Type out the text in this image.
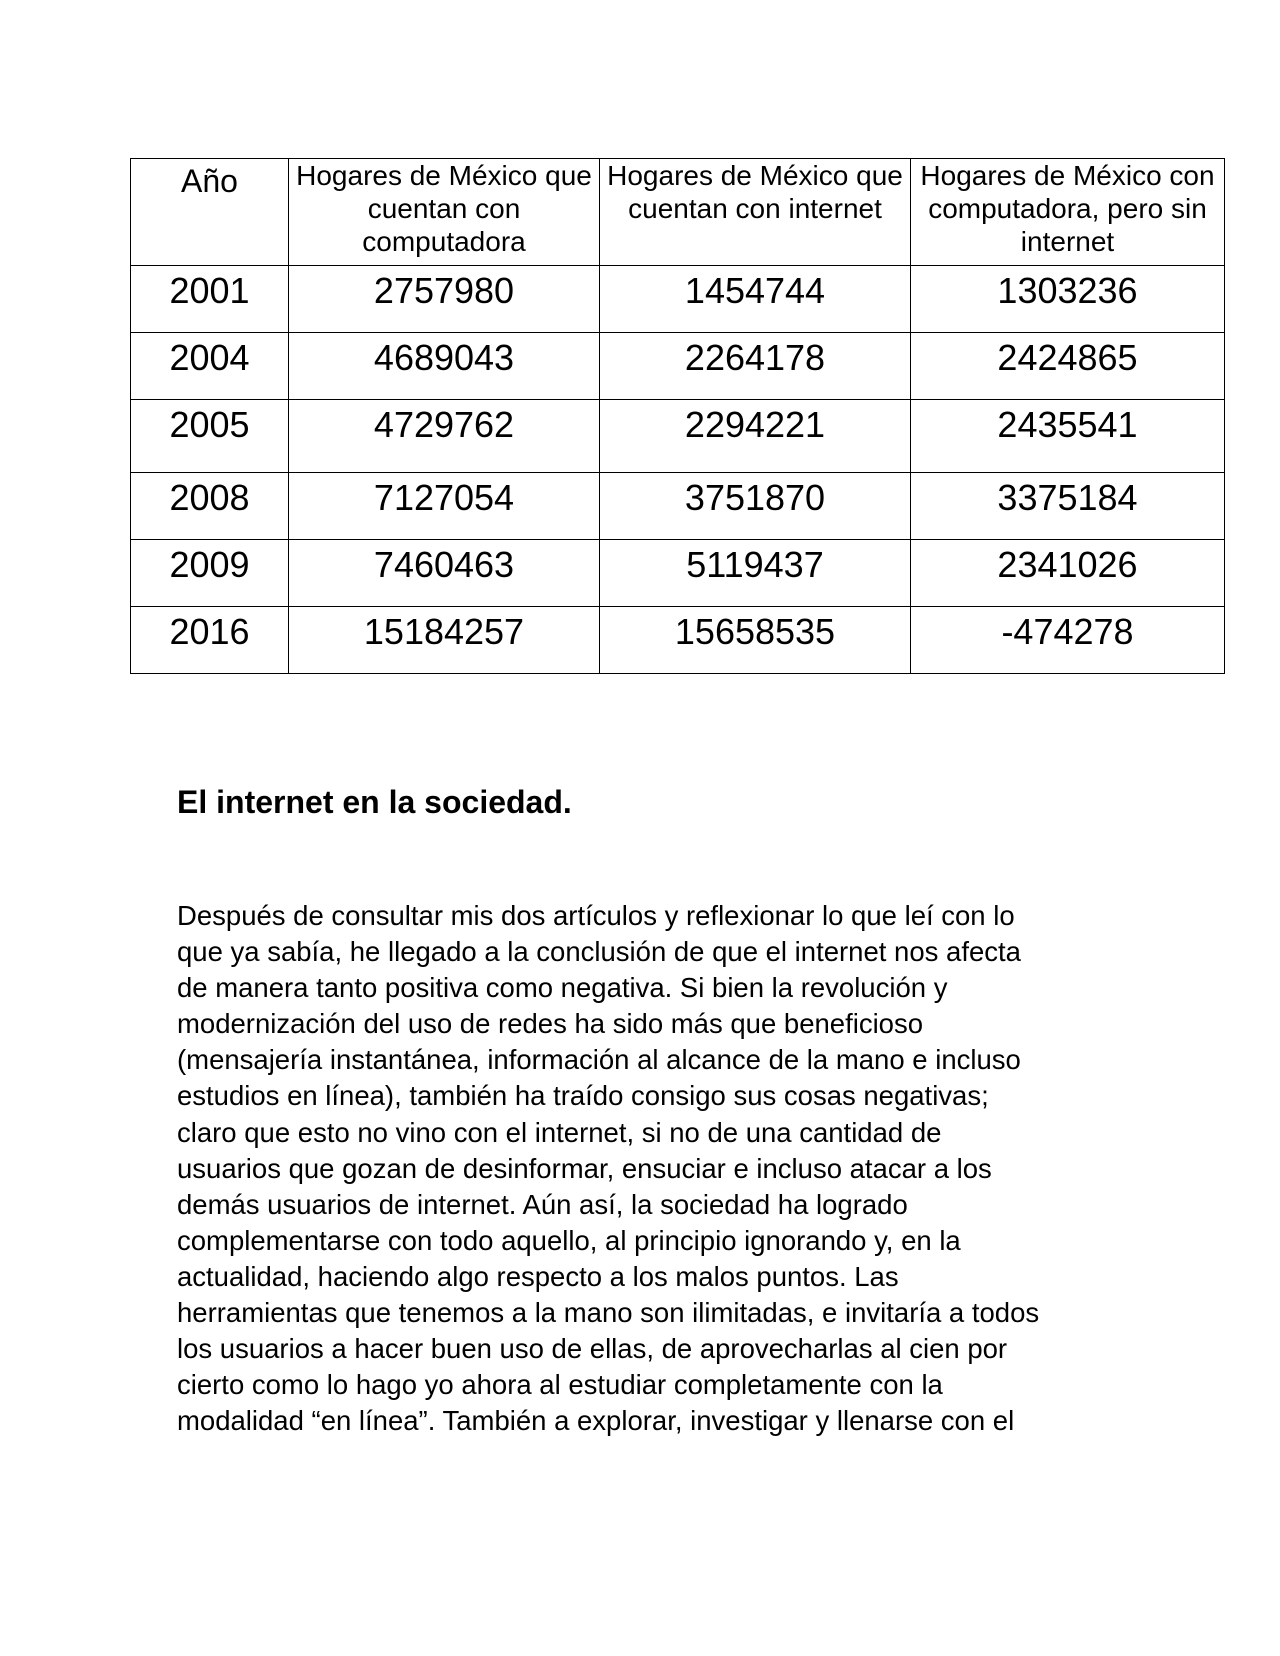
Año	Hogares de México que cuentan con computadora	Hogares de México que cuentan con internet	Hogares de México con computadora, pero sin internet
2001	2757980	1454744	1303236
2004	4689043	2264178	2424865
2005	4729762	2294221	2435541
2008	7127054	3751870	3375184
2009	7460463	5119437	2341026
2016	15184257	15658535	-474278
El internet en la sociedad.

Después de consultar mis dos artículos y reflexionar lo que leí con lo
que ya sabía, he llegado a la conclusión de que el internet nos afecta
de manera tanto positiva como negativa. Si bien la revolución y
modernización del uso de redes ha sido más que beneficioso
(mensajería instantánea, información al alcance de la mano e incluso
estudios en línea), también ha traído consigo sus cosas negativas;
claro que esto no vino con el internet, si no de una cantidad de
usuarios que gozan de desinformar, ensuciar e incluso atacar a los
demás usuarios de internet. Aún así, la sociedad ha logrado
complementarse con todo aquello, al principio ignorando y, en la
actualidad, haciendo algo respecto a los malos puntos. Las
herramientas que tenemos a la mano son ilimitadas, e invitaría a todos
los usuarios a hacer buen uso de ellas, de aprovecharlas al cien por
cierto como lo hago yo ahora al estudiar completamente con la
modalidad “en línea”. También a explorar, investigar y llenarse con el
